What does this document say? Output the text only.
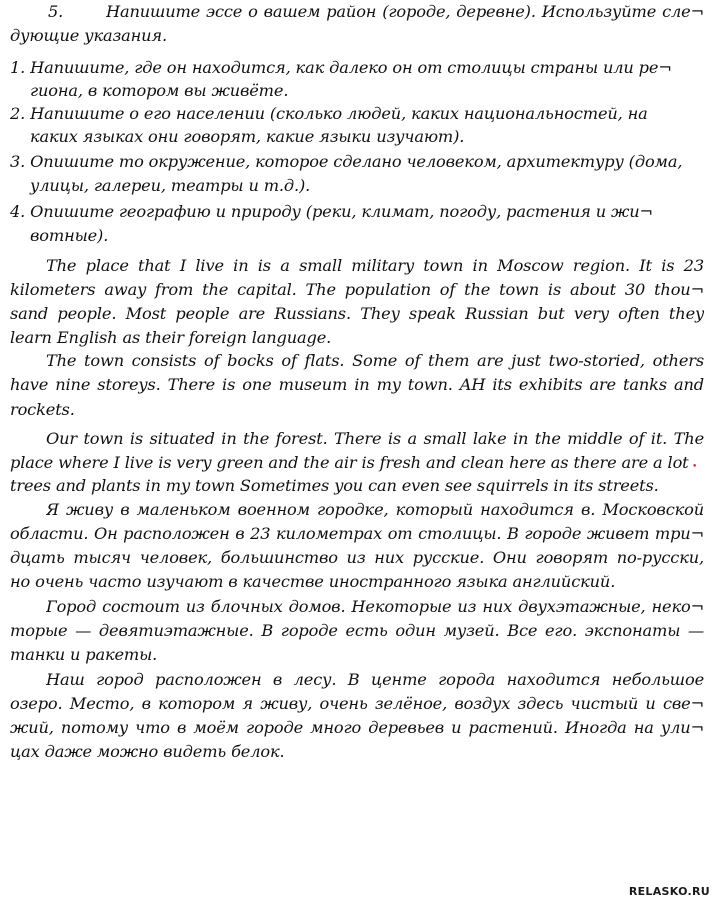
5.	Напишите эссе о вашем район (городе, деревне). Используйте сле¬
дующие указания.
1. Напишите, где он находится, как далеко он от столицы страны или ре¬
гиона, в котором вы живёте.
2. Напишите о его населении (сколько людей, каких национальностей, на
каких языках они говорят, какие языки изучают).
3. Опишите то окружение, которое сделано человеком, архитектуру (дома,
улицы, галереи, театры и т.д.).
4. Опишите географию и природу (реки, климат, погоду, растения и жи¬
вотные).
The place that I live in is a small military town in Moscow region. It is 23
kilometers away from the capital. The population of the town is about 30 thou¬
sand people. Most people are Russians. They speak Russian but very often they
learn English as their foreign language.
The town consists of bocks of flats. Some of them are just two-storied, others
have nine storeys. There is one museum in my town. AH its exhibits are tanks and
rockets.
Our town is situated in the forest. There is a small lake in the middle of it. The
place where I live is very green and the air is fresh and clean here as there are a lot
trees and plants in my town Sometimes you can even see squirrels in its streets.
Я живу в маленьком военном городке, который находится в. Московской
области. Он расположен в 23 километрах от столицы. В городе живет три¬
дцать тысяч человек, большинство из них русские. Они говорят по-русски,
но очень часто изучают в качестве иностранного языка английский.
Город состоит из блочных домов. Некоторые из них двухэтажные, неко¬
торые — девятиэтажные. В городе есть один музей. Все его. экспонаты —
танки и ракеты.
Наш город расположен в лесу. В центе города находится небольшое
озеро. Место, в котором я живу, очень зелёное, воздух здесь чистый и све¬
жий, потому что в моём городе много деревьев и растений. Иногда на ули¬
цах даже можно видеть белок.
•
RELASKO.RU
